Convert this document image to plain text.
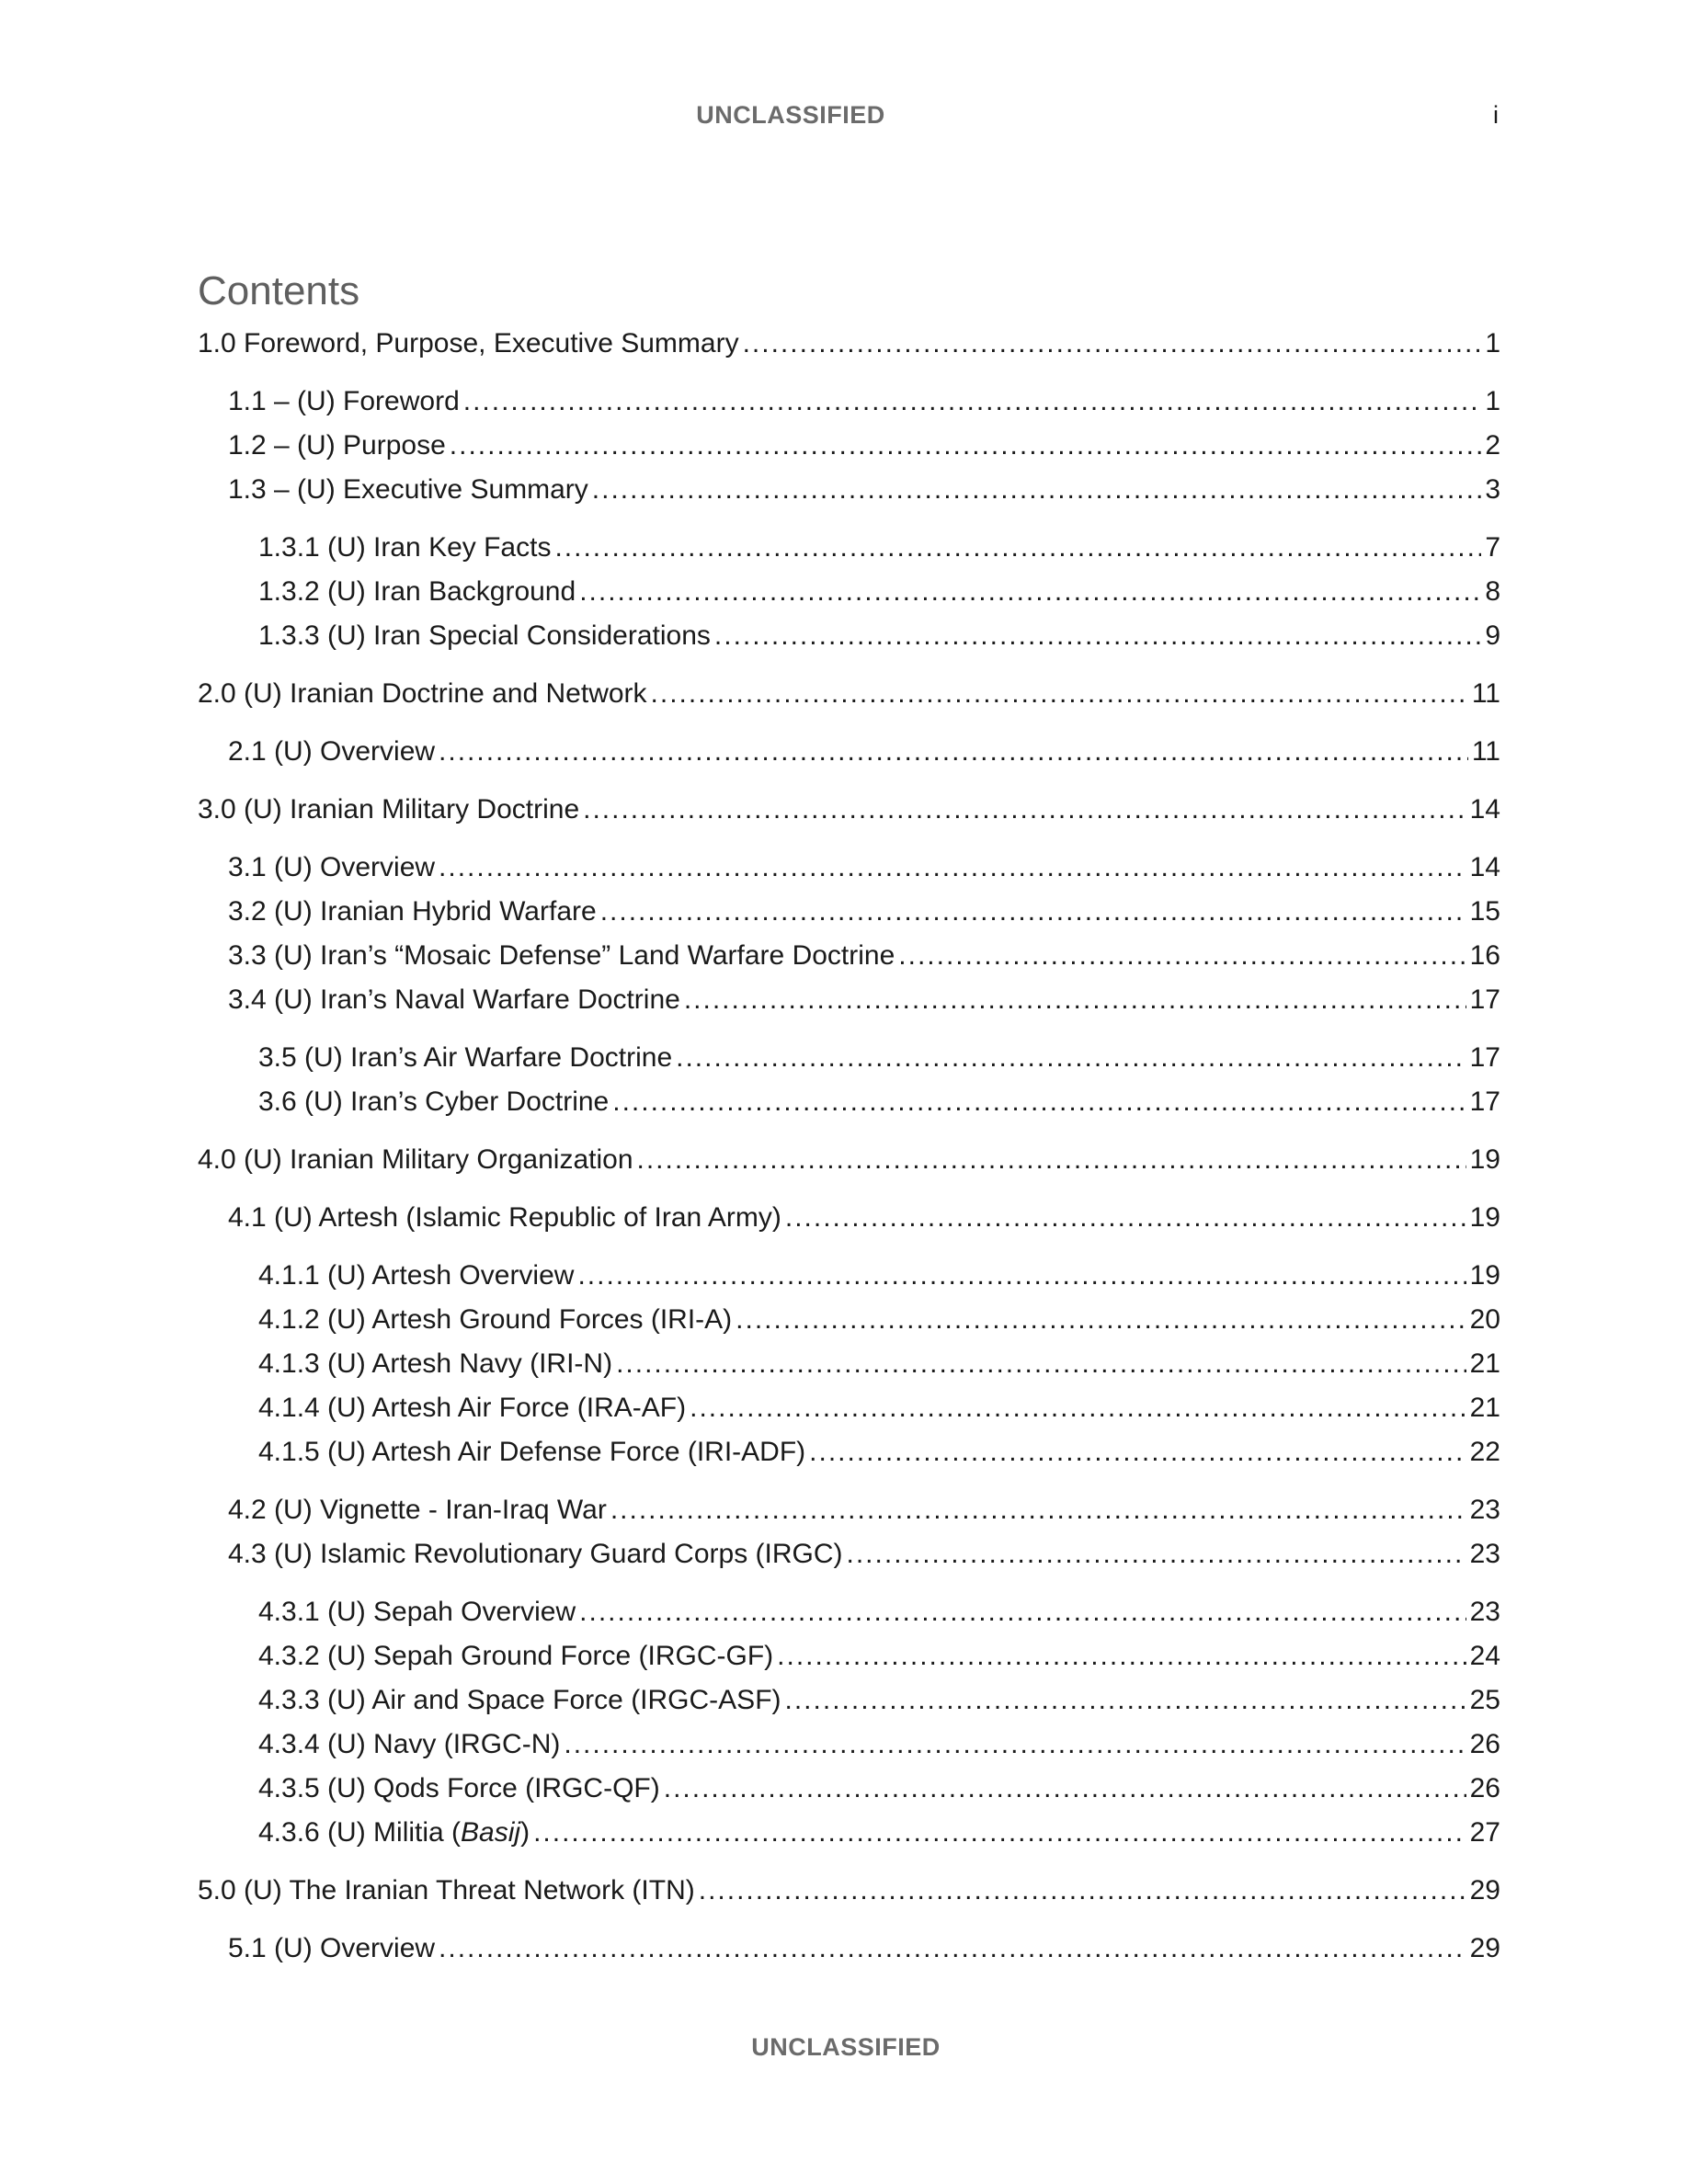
UNCLASSIFIED	i
Contents
1.0 Foreword, Purpose, Executive Summary .....	1
1.1 – (U) Foreword .....	1
1.2 – (U) Purpose .....	2
1.3 – (U) Executive Summary .....	3
1.3.1 (U) Iran Key Facts .....	7
1.3.2 (U) Iran Background .....	8
1.3.3 (U) Iran Special Considerations .....	9
2.0 (U) Iranian Doctrine and Network .....	11
2.1 (U) Overview .....	11
3.0 (U) Iranian Military Doctrine .....	14
3.1 (U) Overview .....	14
3.2 (U) Iranian Hybrid Warfare .....	15
3.3 (U) Iran’s “Mosaic Defense” Land Warfare Doctrine .....	16
3.4 (U) Iran’s Naval Warfare Doctrine .....	17
3.5 (U) Iran’s Air Warfare Doctrine .....	17
3.6 (U) Iran’s Cyber Doctrine .....	17
4.0 (U) Iranian Military Organization .....	19
4.1 (U) Artesh (Islamic Republic of Iran Army) .....	19
4.1.1 (U) Artesh Overview .....	19
4.1.2 (U) Artesh Ground Forces (IRI-A) .....	20
4.1.3 (U) Artesh Navy (IRI-N) .....	21
4.1.4 (U) Artesh Air Force (IRA-AF) .....	21
4.1.5 (U) Artesh Air Defense Force (IRI-ADF) .....	22
4.2 (U) Vignette - Iran-Iraq War .....	23
4.3 (U) Islamic Revolutionary Guard Corps (IRGC) .....	23
4.3.1 (U) Sepah Overview .....	23
4.3.2 (U) Sepah Ground Force (IRGC-GF) .....	24
4.3.3 (U) Air and Space Force (IRGC-ASF) .....	25
4.3.4 (U) Navy (IRGC-N) .....	26
4.3.5 (U) Qods Force (IRGC-QF) .....	26
4.3.6 (U) Militia (Basij) .....	27
5.0 (U) The Iranian Threat Network (ITN) .....	29
5.1 (U) Overview .....	29
UNCLASSIFIED
